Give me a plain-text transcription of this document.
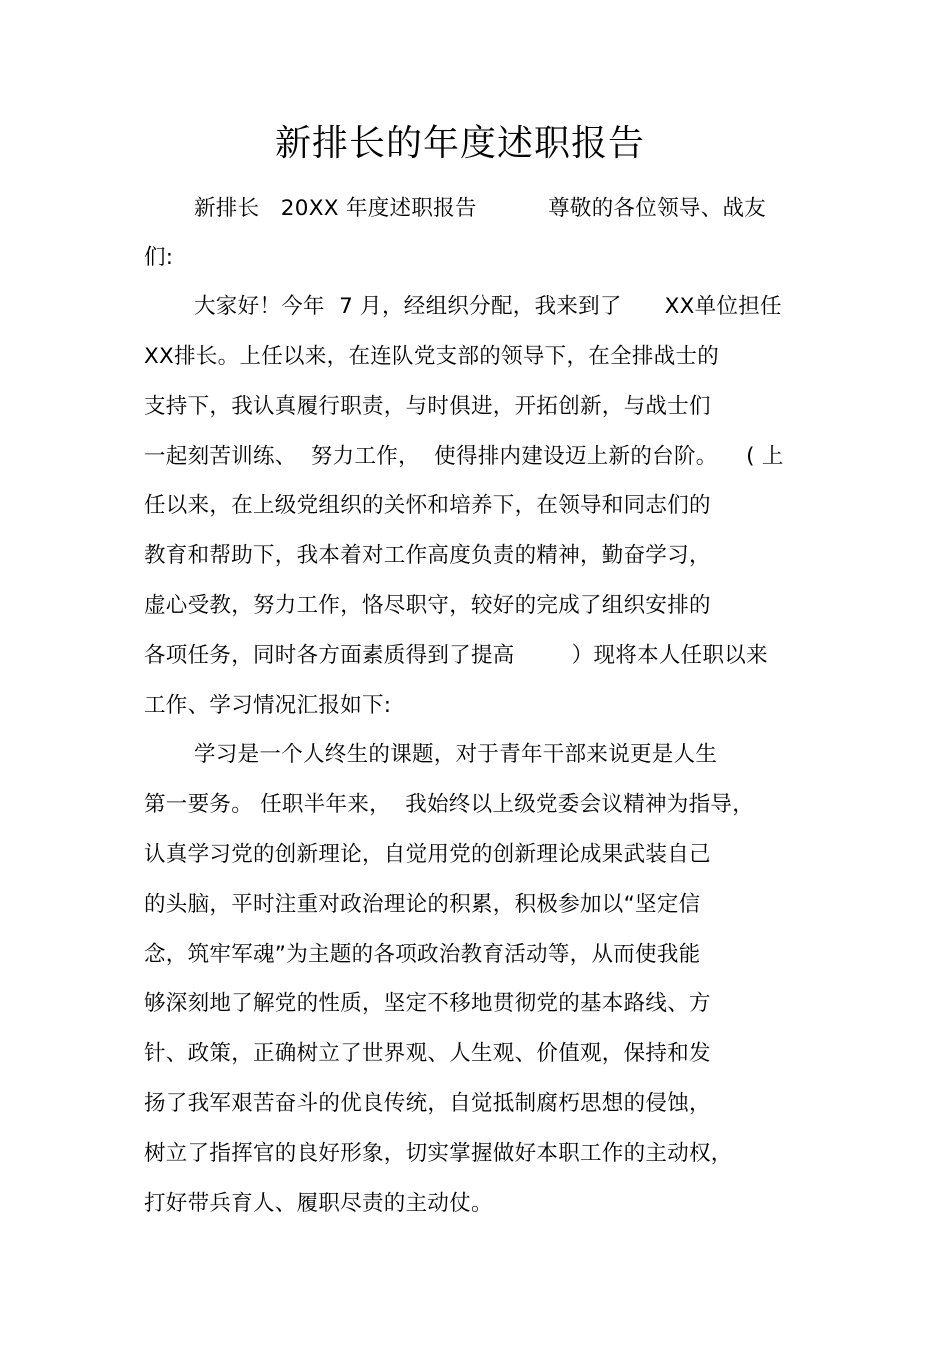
新排长的年度述职报告
新排长   20XX 年度述职报告          尊敬的各位领导、战友
们:
大家好！今年  7 月，经组织分配，我来到了      XX单位担任
XX排长。上任以来，在连队党支部的领导下，在全排战士的
支持下，我认真履行职责，与时俱进，开拓创新，与战士们
一起刻苦训练、  努力工作，  使得排内建设迈上新的台阶。    ( 上
任以来，在上级党组织的关怀和培养下，在领导和同志们的
教育和帮助下，我本着对工作高度负责的精神，勤奋学习，
虚心受教，努力工作，恪尽职守，较好的完成了组织安排的
各项任务，同时各方面素质得到了提高        ）现将本人任职以来
工作、学习情况汇报如下:
学习是一个人终生的课题，对于青年干部来说更是人生
第一要务。 任职半年来，  我始终以上级党委会议精神为指导，
认真学习党的创新理论，自觉用党的创新理论成果武装自己
的头脑，平时注重对政治理论的积累，积极参加以“坚定信
念，筑牢军魂”为主题的各项政治教育活动等，从而使我能
够深刻地了解党的性质，坚定不移地贯彻党的基本路线、方
针、政策，正确树立了世界观、人生观、价值观，保持和发
扬了我军艰苦奋斗的优良传统，自觉抵制腐朽思想的侵蚀，
树立了指挥官的良好形象，切实掌握做好本职工作的主动权，
打好带兵育人、履职尽责的主动仗。
